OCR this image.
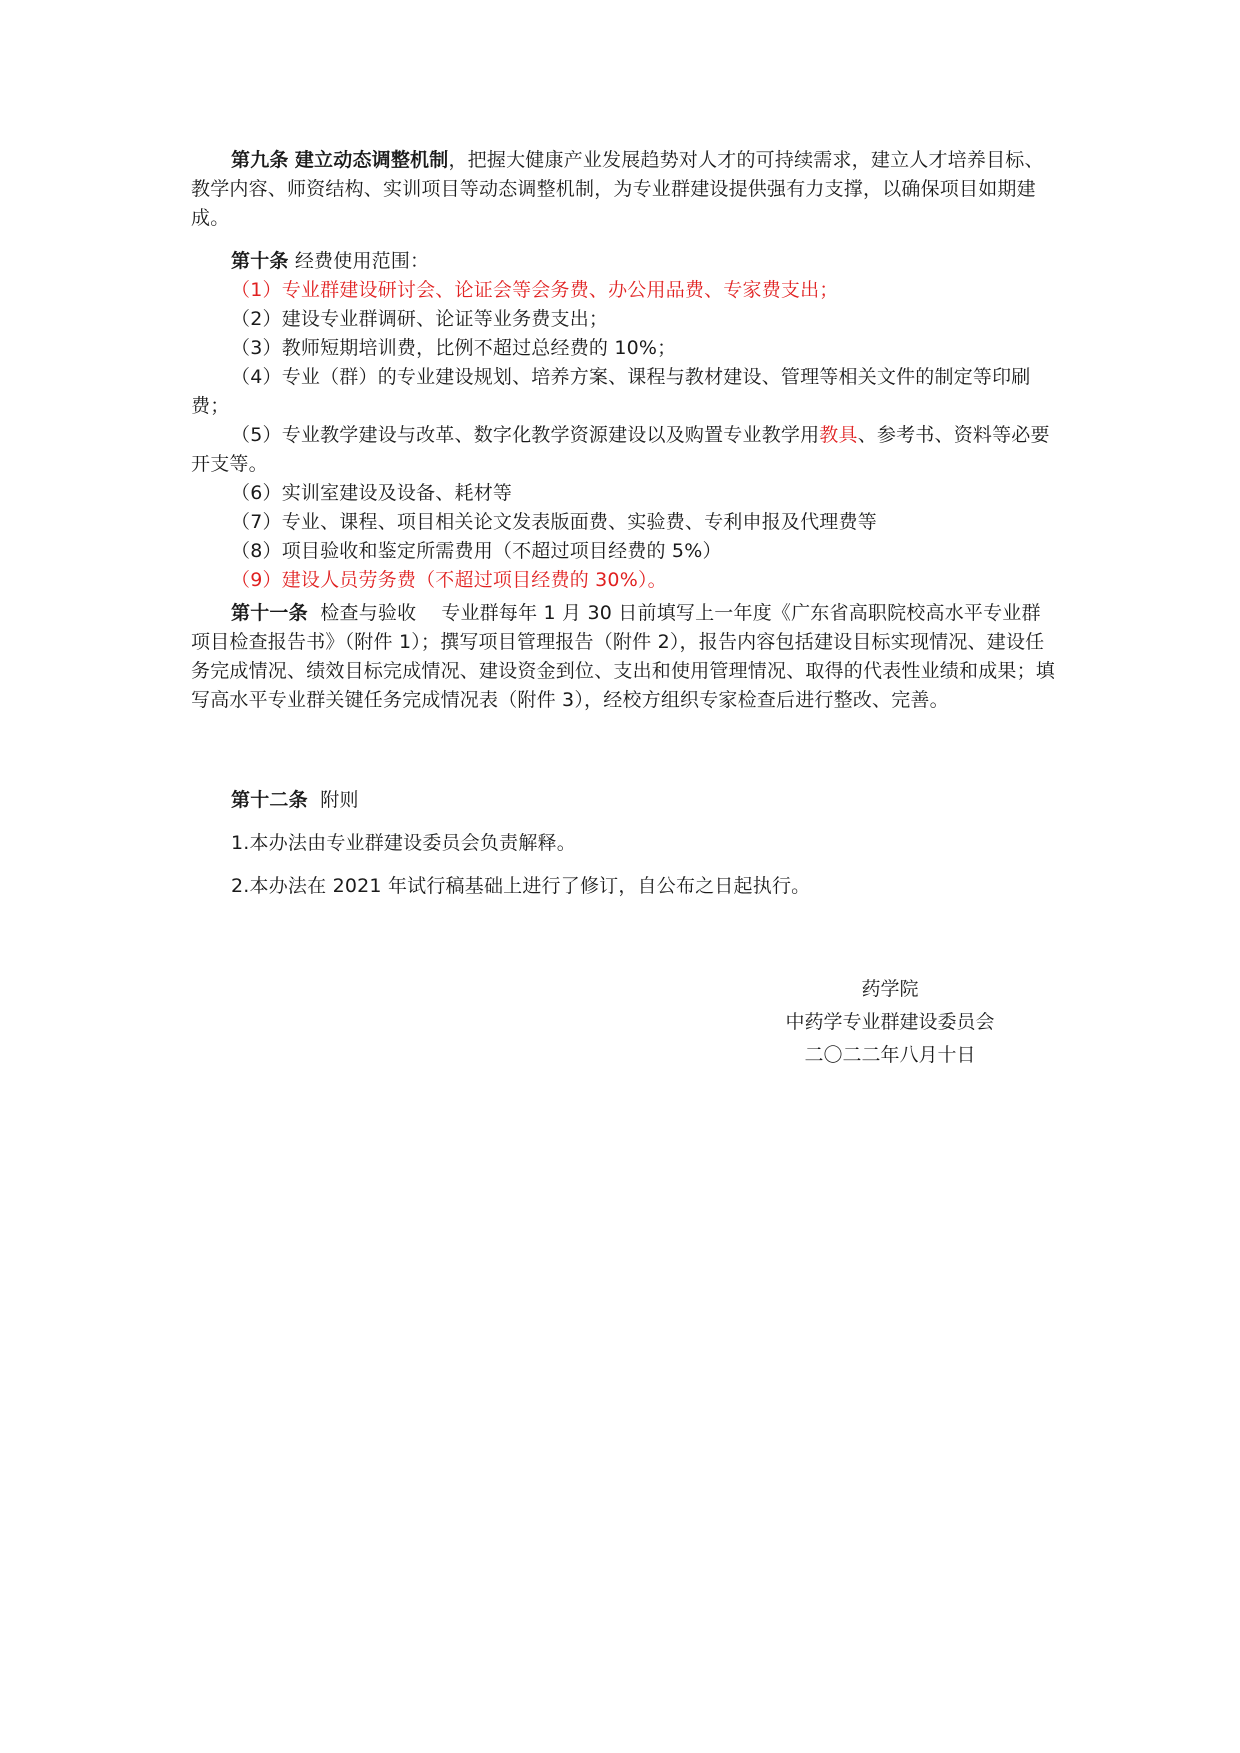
第九条 建立动态调整机制，把握大健康产业发展趋势对人才的可持续需求，建立人才培养目标、教学内容、师资结构、实训项目等动态调整机制，为专业群建设提供强有力支撑，以确保项目如期建成。

第十条 经费使用范围：

（1）专业群建设研讨会、论证会等会务费、办公用品费、专家费支出；

（2）建设专业群调研、论证等业务费支出；

（3）教师短期培训费，比例不超过总经费的 10%；

（4）专业（群）的专业建设规划、培养方案、课程与教材建设、管理等相关文件的制定等印刷费；

（5）专业教学建设与改革、数字化教学资源建设以及购置专业教学用教具、参考书、资料等必要开支等。

（6）实训室建设及设备、耗材等

（7）专业、课程、项目相关论文发表版面费、实验费、专利申报及代理费等

（8）项目验收和鉴定所需费用（不超过项目经费的 5%）

（9）建设人员劳务费（不超过项目经费的 30%）。

第十一条 检查与验收 专业群每年 1 月 30 日前填写上一年度《广东省高职院校高水平专业群项目检查报告书》（附件 1）；撰写项目管理报告（附件 2），报告内容包括建设目标实现情况、建设任务完成情况、绩效目标完成情况、建设资金到位、支出和使用管理情况、取得的代表性业绩和成果；填写高水平专业群关键任务完成情况表（附件 3），经校方组织专家检查后进行整改、完善。

第十二条 附则

1.本办法由专业群建设委员会负责解释。

2.本办法在 2021 年试行稿基础上进行了修订，自公布之日起执行。

药学院
中药学专业群建设委员会
二〇二二年八月十日
